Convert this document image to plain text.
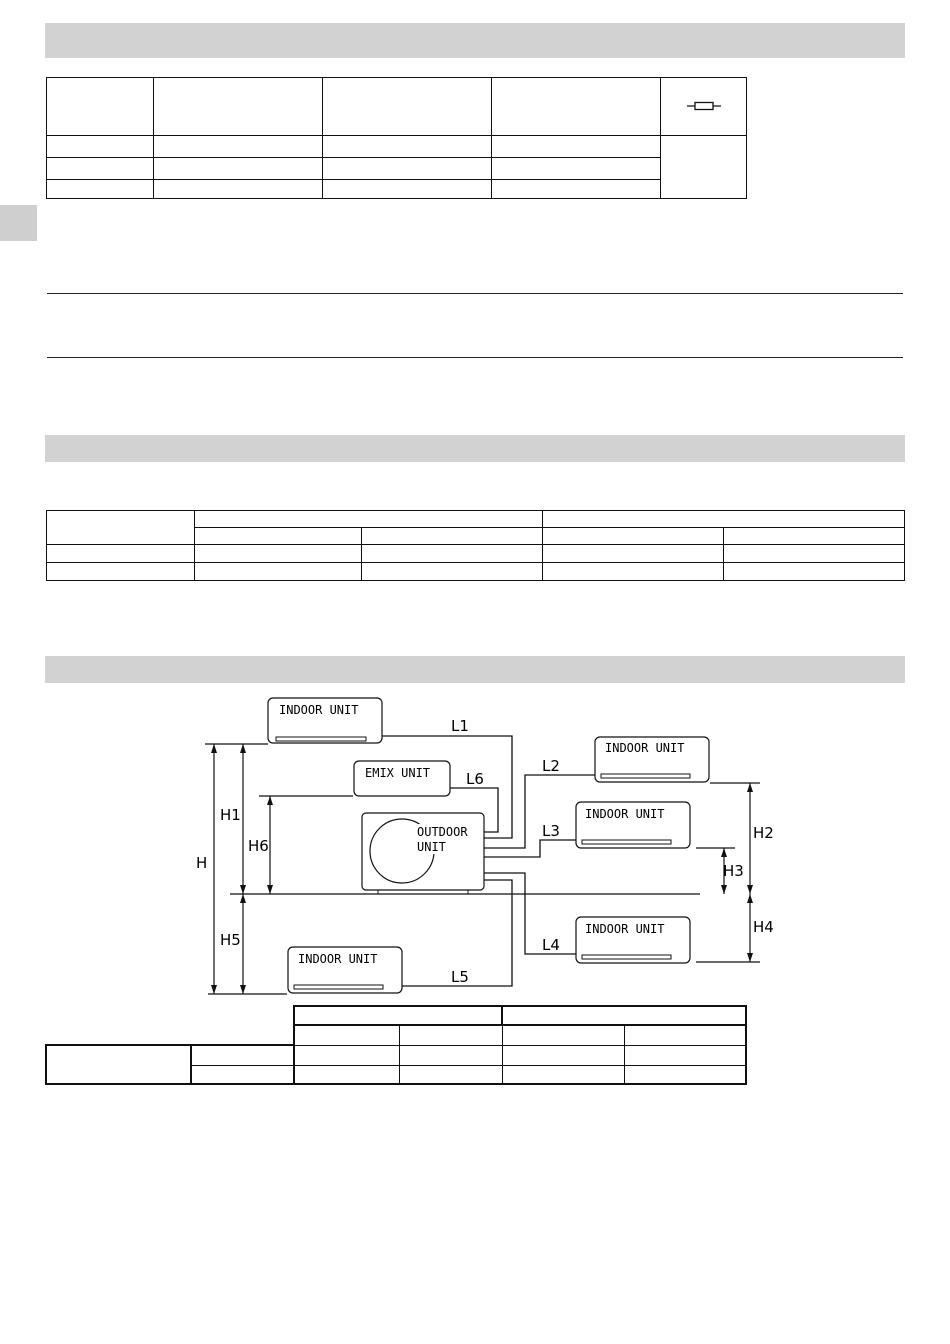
INDOOR UNIT
EMIX UNIT
OUTDOOR
UNIT
INDOOR UNIT
INDOOR UNIT
INDOOR UNIT
INDOOR UNIT
L1
L6
L2
L3
L4
L5
H
H1
H6
H5
H2
H3
H4
